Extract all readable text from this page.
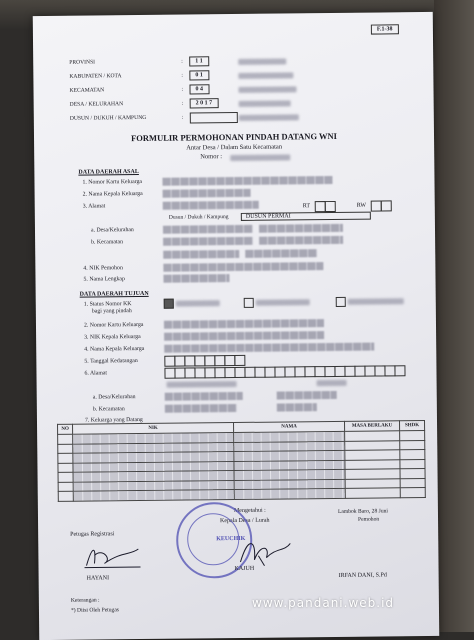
F.1-38
PROVINSI	:	1 1
KABUPATEN / KOTA	:	0 1
KECAMATAN	:	0 4
DESA / KELURAHAN	:	2 0 1 7
DUSUN / DUKUH / KAMPUNG	:
FORMULIR PERMOHONAN PINDAH DATANG WNI
Antar Desa / Dalam Satu Kecamatan
Nomor :
DATA DAERAH ASAL
1. Nomor Kartu Keluarga
2. Nama Kepala Keluarga
3. Alamat	RT	RW
Dusun / Dukuh / Kampung	DUSUN PERMAI
a. Desa/Kelurahan
b. Kecamatan
4. NIK Pemohon
5. Nama Lengkap
DATA DAERAH TUJUAN
1. Status Nomor KK
bagi yang pindah
2. Nomor Kartu Keluarga
3. NIK Kepala Keluarga
4. Nama Kepala Keluarga
5. Tanggal Kedatangan
6. Alamat
a. Desa/Kelurahan
b. Kecamatan
7. Keluarga yang Datang
NO	NIK	NAMA	MASA BERLAKU	SHDK

Petugas Registrasi
HAYANI
Mengetahui :
Kepala Desa / Lurah
KEUCHIK
KAJUH
Lambok Baro, 28 Juni
Pemohon
IRFAN DANI, S.Pd
Keterangan :
*) Diisi Oleh Petugas
www.pandani.web.id
